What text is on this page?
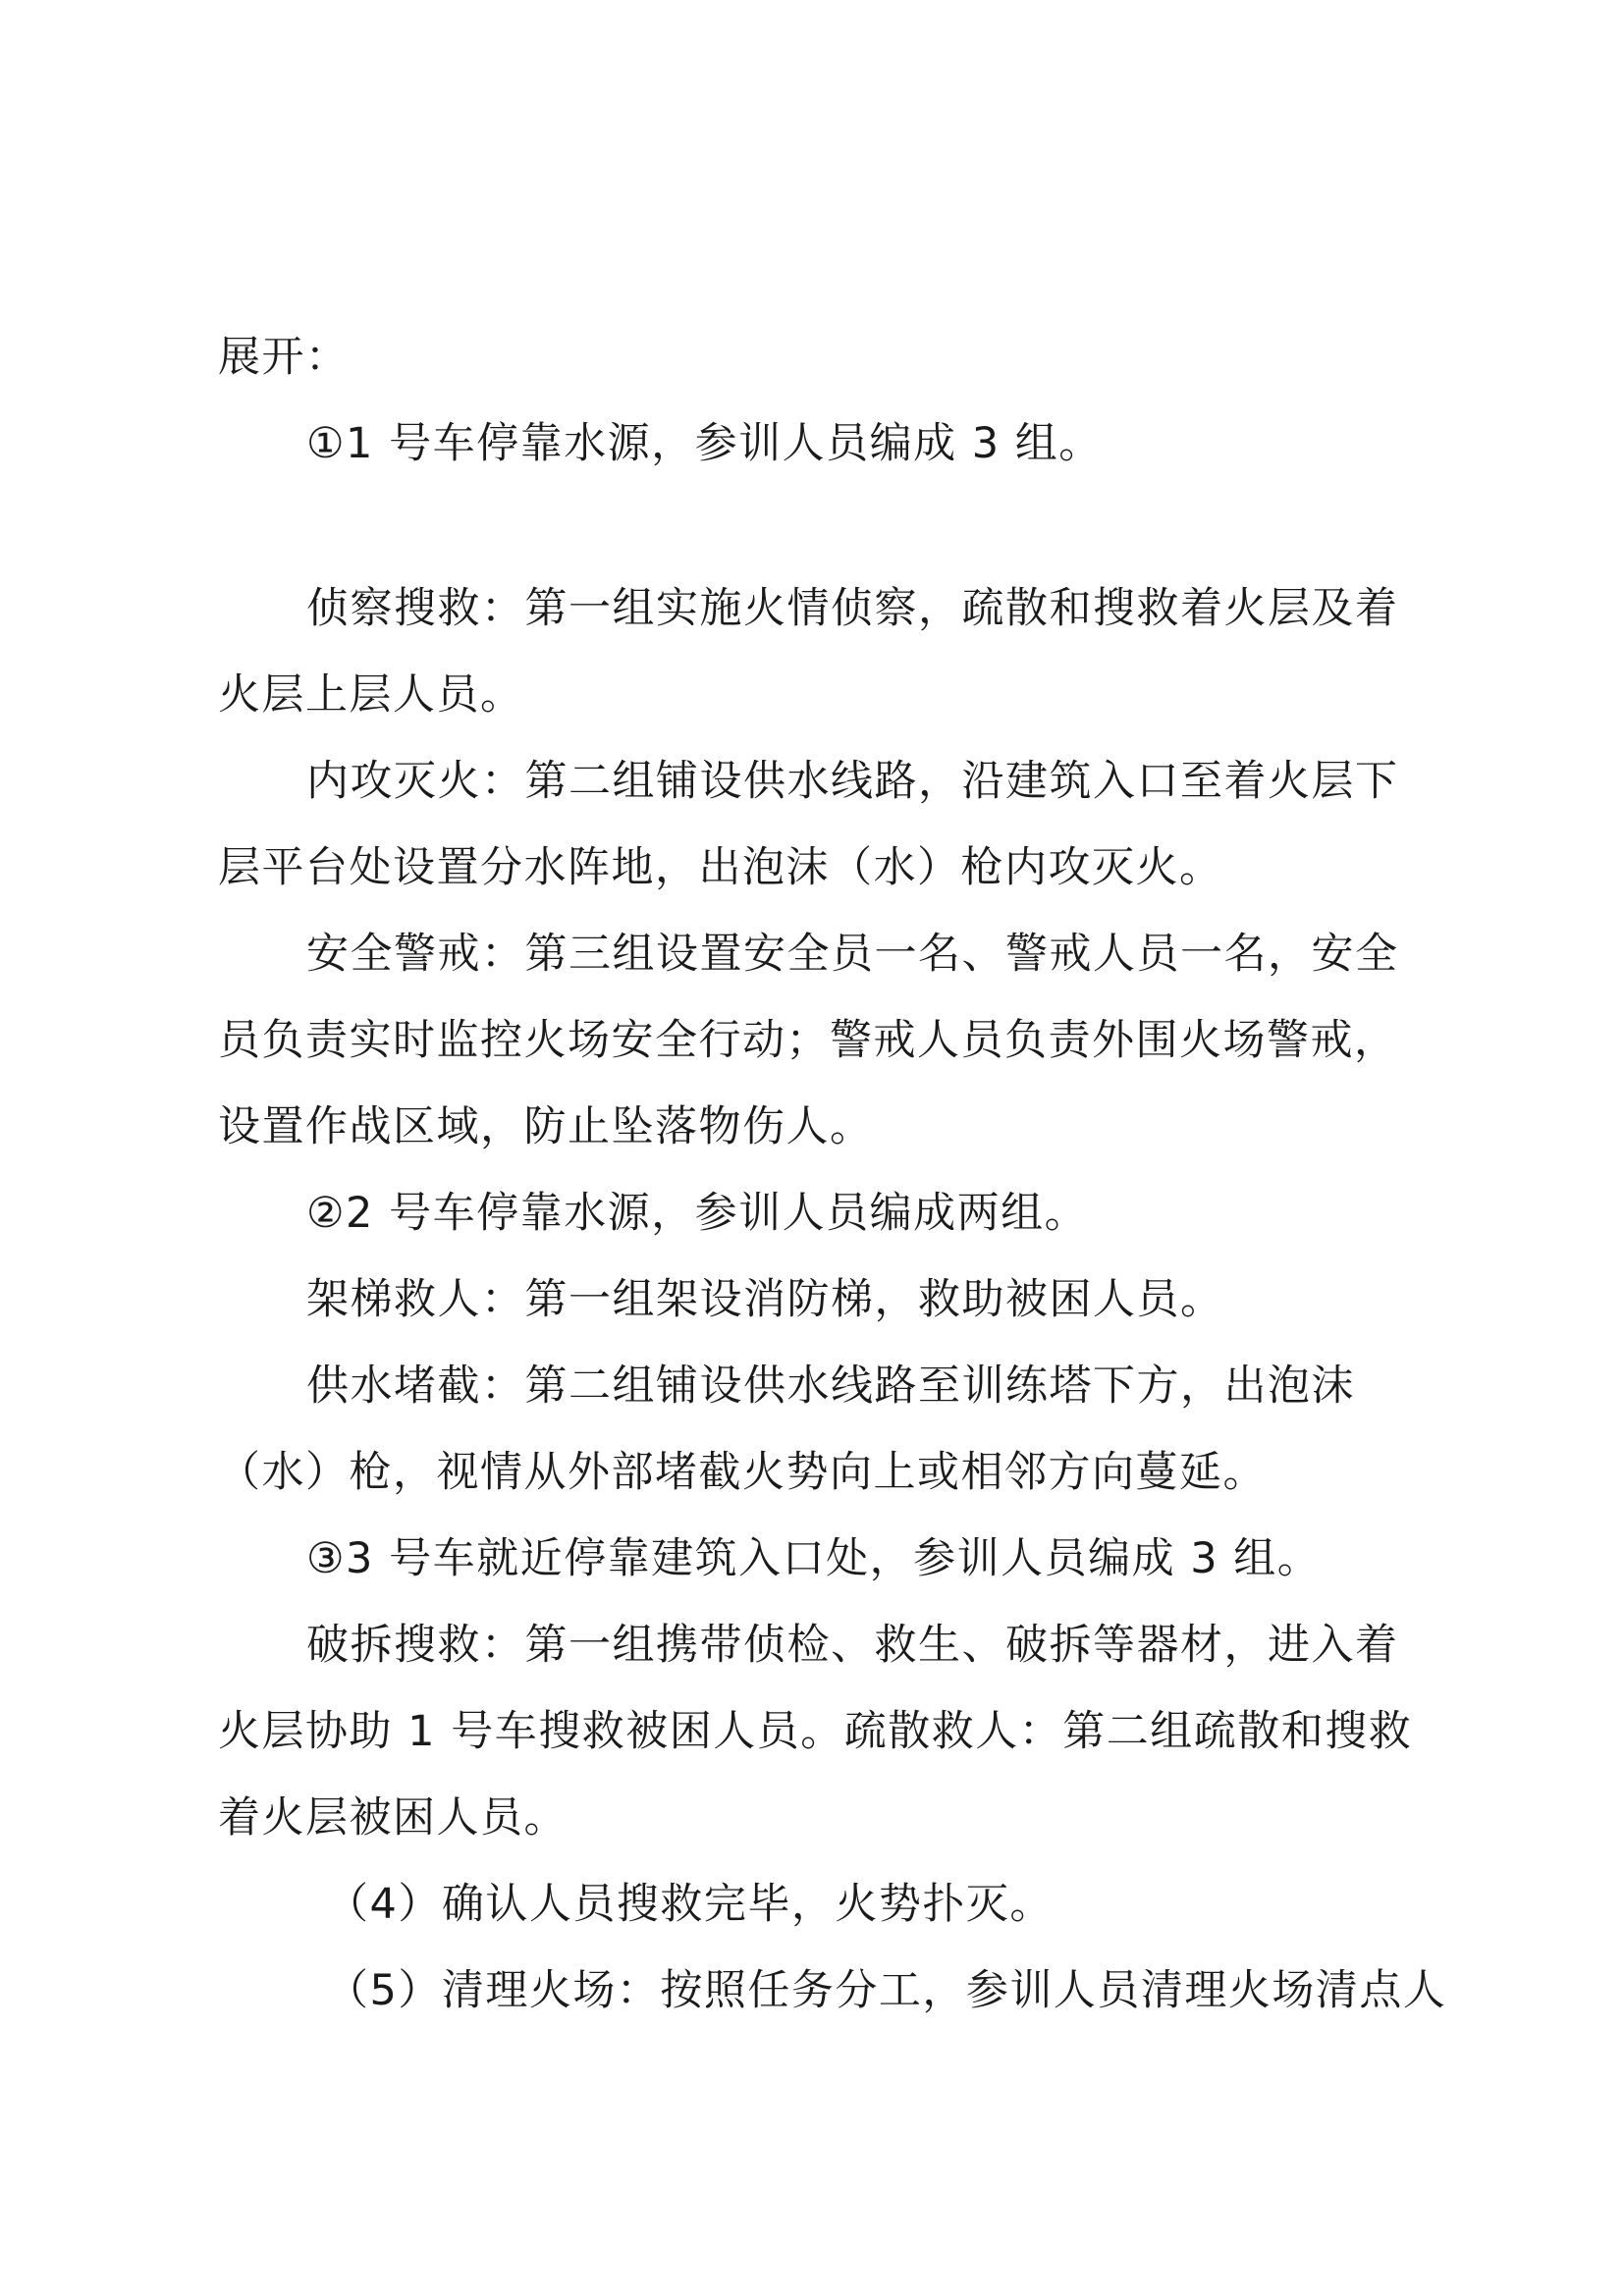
展开：
①1 号车停靠水源，参训人员编成 3 组。
侦察搜救：第一组实施火情侦察，疏散和搜救着火层及着
火层上层人员。
内攻灭火：第二组铺设供水线路，沿建筑入口至着火层下
层平台处设置分水阵地，出泡沫（水）枪内攻灭火。
安全警戒：第三组设置安全员一名、警戒人员一名，安全
员负责实时监控火场安全行动；警戒人员负责外围火场警戒，
设置作战区域，防止坠落物伤人。
②2 号车停靠水源，参训人员编成两组。
架梯救人：第一组架设消防梯，救助被困人员。
供水堵截：第二组铺设供水线路至训练塔下方，出泡沫
（水）枪，视情从外部堵截火势向上或相邻方向蔓延。
③3 号车就近停靠建筑入口处，参训人员编成 3 组。
破拆搜救：第一组携带侦检、救生、破拆等器材，进入着
火层协助 1 号车搜救被困人员。疏散救人：第二组疏散和搜救
着火层被困人员。
（4）确认人员搜救完毕，火势扑灭。
（5）清理火场：按照任务分工，参训人员清理火场清点人
